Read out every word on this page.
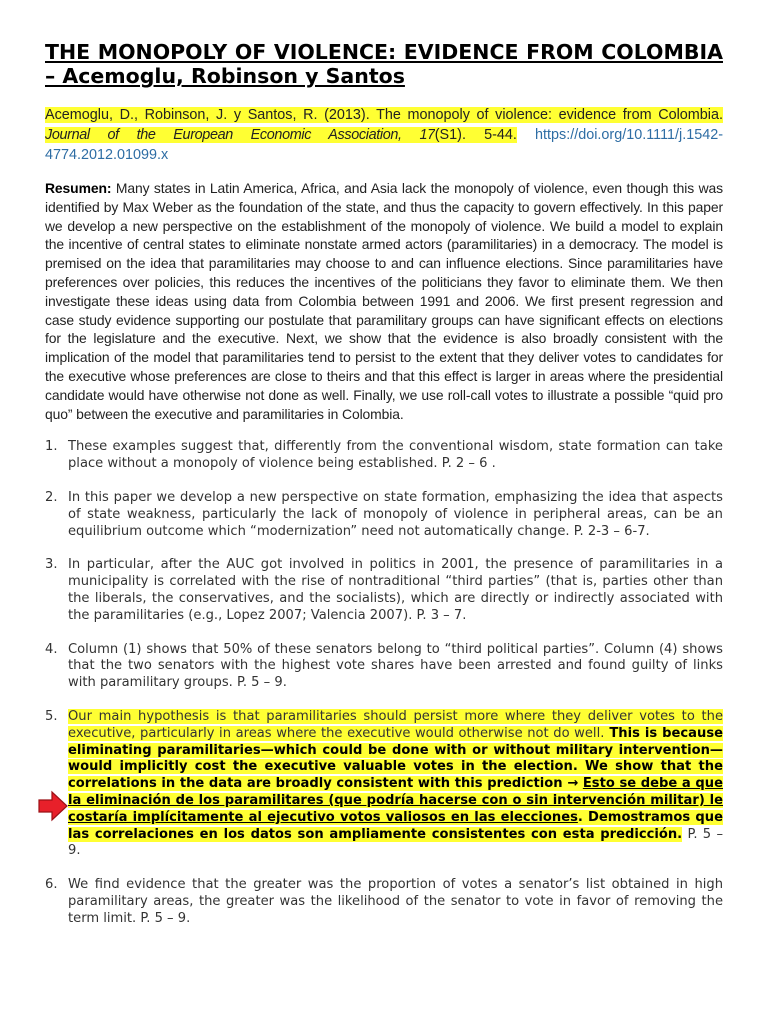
THE MONOPOLY OF VIOLENCE: EVIDENCE FROM COLOMBIA – Acemoglu, Robinson y Santos

Acemoglu, D., Robinson, J. y Santos, R. (2013). The monopoly of violence: evidence from Colombia. Journal of the European Economic Association, 17(S1). 5-44. https://doi.org/10.1111/j.1542-4774.2012.01099.x

Resumen: Many states in Latin America, Africa, and Asia lack the monopoly of violence, even though this was identified by Max Weber as the foundation of the state, and thus the capacity to govern effectively. In this paper we develop a new perspective on the establishment of the monopoly of violence. We build a model to explain the incentive of central states to eliminate nonstate armed actors (paramilitaries) in a democracy. The model is premised on the idea that paramilitaries may choose to and can influence elections. Since paramilitaries have preferences over policies, this reduces the incentives of the politicians they favor to eliminate them. We then investigate these ideas using data from Colombia between 1991 and 2006. We first present regression and case study evidence supporting our postulate that paramilitary groups can have significant effects on elections for the legislature and the executive. Next, we show that the evidence is also broadly consistent with the implication of the model that paramilitaries tend to persist to the extent that they deliver votes to candidates for the executive whose preferences are close to theirs and that this effect is larger in areas where the presidential candidate would have otherwise not done as well. Finally, we use roll-call votes to illustrate a possible “quid pro quo” between the executive and paramilitaries in Colombia.

1. These examples suggest that, differently from the conventional wisdom, state formation can take place without a monopoly of violence being established. P. 2 – 6 .
2. In this paper we develop a new perspective on state formation, emphasizing the idea that aspects of state weakness, particularly the lack of monopoly of violence in peripheral areas, can be an equilibrium outcome which “modernization” need not automatically change. P. 2-3 – 6-7.
3. In particular, after the AUC got involved in politics in 2001, the presence of paramilitaries in a municipality is correlated with the rise of nontraditional “third parties” (that is, parties other than the liberals, the conservatives, and the socialists), which are directly or indirectly associated with the paramilitaries (e.g., Lopez 2007; Valencia 2007). P. 3 – 7.
4. Column (1) shows that 50% of these senators belong to “third political parties”. Column (4) shows that the two senators with the highest vote shares have been arrested and found guilty of links with paramilitary groups. P. 5 – 9.
5. Our main hypothesis is that paramilitaries should persist more where they deliver votes to the executive, particularly in areas where the executive would otherwise not do well. This is because eliminating paramilitaries—which could be done with or without military intervention—would implicitly cost the executive valuable votes in the election. We show that the correlations in the data are broadly consistent with this prediction → Esto se debe a que la eliminación de los paramilitares (que podría hacerse con o sin intervención militar) le costaría implícitamente al ejecutivo votos valiosos en las elecciones. Demostramos que las correlaciones en los datos son ampliamente consistentes con esta predicción. P. 5 – 9.
6. We find evidence that the greater was the proportion of votes a senator’s list obtained in high paramilitary areas, the greater was the likelihood of the senator to vote in favor of removing the term limit. P. 5 – 9.
